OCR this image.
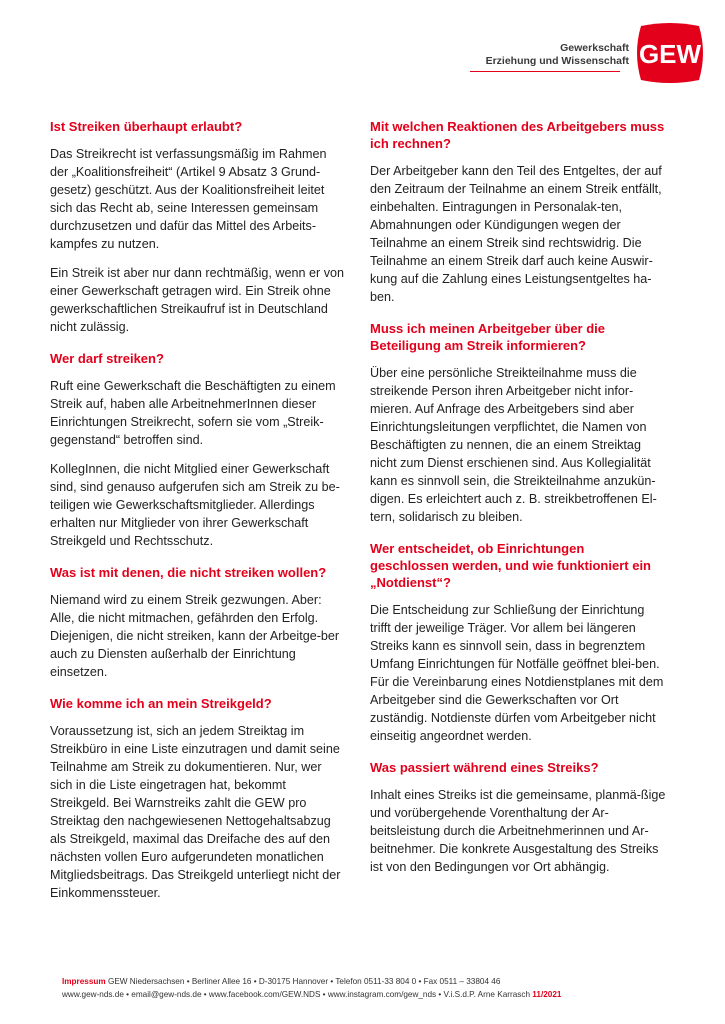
Gewerkschaft
Erziehung und Wissenschaft GEW
Ist Streiken überhaupt erlaubt?

Das Streikrecht ist verfassungsmäßig im Rahmen der „Koalitionsfreiheit“ (Artikel 9 Absatz 3 Grund-gesetz) geschützt. Aus der Koalitionsfreiheit leitet sich das Recht ab, seine Interessen gemeinsam durchzusetzen und dafür das Mittel des Arbeits-kampfes zu nutzen.

Ein Streik ist aber nur dann rechtmäßig, wenn er von einer Gewerkschaft getragen wird. Ein Streik ohne gewerkschaftlichen Streikaufruf ist in Deutschland nicht zulässig.

Wer darf streiken?

Ruft eine Gewerkschaft die Beschäftigten zu einem Streik auf, haben alle ArbeitnehmerInnen dieser Einrichtungen Streikrecht, sofern sie vom „Streik-gegenstand“ betroffen sind.

KollegInnen, die nicht Mitglied einer Gewerkschaft sind, sind genauso aufgerufen sich am Streik zu be-teiligen wie Gewerkschaftsmitglieder. Allerdings erhalten nur Mitglieder von ihrer Gewerkschaft Streikgeld und Rechtsschutz.

Was ist mit denen, die nicht streiken wollen?

Niemand wird zu einem Streik gezwungen. Aber: Alle, die nicht mitmachen, gefährden den Erfolg. Diejenigen, die nicht streiken, kann der Arbeitge-ber auch zu Diensten außerhalb der Einrichtung einsetzen.

Wie komme ich an mein Streikgeld?

Voraussetzung ist, sich an jedem Streiktag im Streikbüro in eine Liste einzutragen und damit seine Teilnahme am Streik zu dokumentieren. Nur, wer sich in die Liste eingetragen hat, bekommt Streikgeld. Bei Warnstreiks zahlt die GEW pro Streiktag den nachgewiesenen Nettogehaltsabzug als Streikgeld, maximal das Dreifache des auf den nächsten vollen Euro aufgerundeten monatlichen Mitgliedsbeitrags. Das Streikgeld unterliegt nicht der Einkommenssteuer.

Mit welchen Reaktionen des Arbeitgebers muss ich rechnen?

Der Arbeitgeber kann den Teil des Entgeltes, der auf den Zeitraum der Teilnahme an einem Streik entfällt, einbehalten. Eintragungen in Personalak-ten, Abmahnungen oder Kündigungen wegen der Teilnahme an einem Streik sind rechtswidrig. Die Teilnahme an einem Streik darf auch keine Auswir-kung auf die Zahlung eines Leistungsentgeltes ha-ben.

Muss ich meinen Arbeitgeber über die Beteiligung am Streik informieren?

Über eine persönliche Streikteilnahme muss die streikende Person ihren Arbeitgeber nicht infor-mieren. Auf Anfrage des Arbeitgebers sind aber Einrichtungsleitungen verpflichtet, die Namen von Beschäftigten zu nennen, die an einem Streiktag nicht zum Dienst erschienen sind. Aus Kollegialität kann es sinnvoll sein, die Streikteilnahme anzukün-digen. Es erleichtert auch z. B. streikbetroffenen El-tern, solidarisch zu bleiben.

Wer entscheidet, ob Einrichtungen geschlossen werden, und wie funktioniert ein „Notdienst“?

Die Entscheidung zur Schließung der Einrichtung trifft der jeweilige Träger. Vor allem bei längeren Streiks kann es sinnvoll sein, dass in begrenztem Umfang Einrichtungen für Notfälle geöffnet blei-ben. Für die Vereinbarung eines Notdienstplanes mit dem Arbeitgeber sind die Gewerkschaften vor Ort zuständig. Notdienste dürfen vom Arbeitgeber nicht einseitig angeordnet werden.

Was passiert während eines Streiks?

Inhalt eines Streiks ist die gemeinsame, planmä-ßige und vorübergehende Vorenthaltung der Ar-beitsleistung durch die Arbeitnehmerinnen und Ar-beitnehmer. Die konkrete Ausgestaltung des Streiks ist von den Bedingungen vor Ort abhängig.

Impressum GEW Niedersachsen • Berliner Allee 16 • D-30175 Hannover • Telefon 0511-33 804 0 • Fax 0511 – 33804 46
www.gew-nds.de • email@gew-nds.de • www.facebook.com/GEW.NDS • www.instagram.com/gew_nds • V.i.S.d.P. Arne Karrasch 11/2021
